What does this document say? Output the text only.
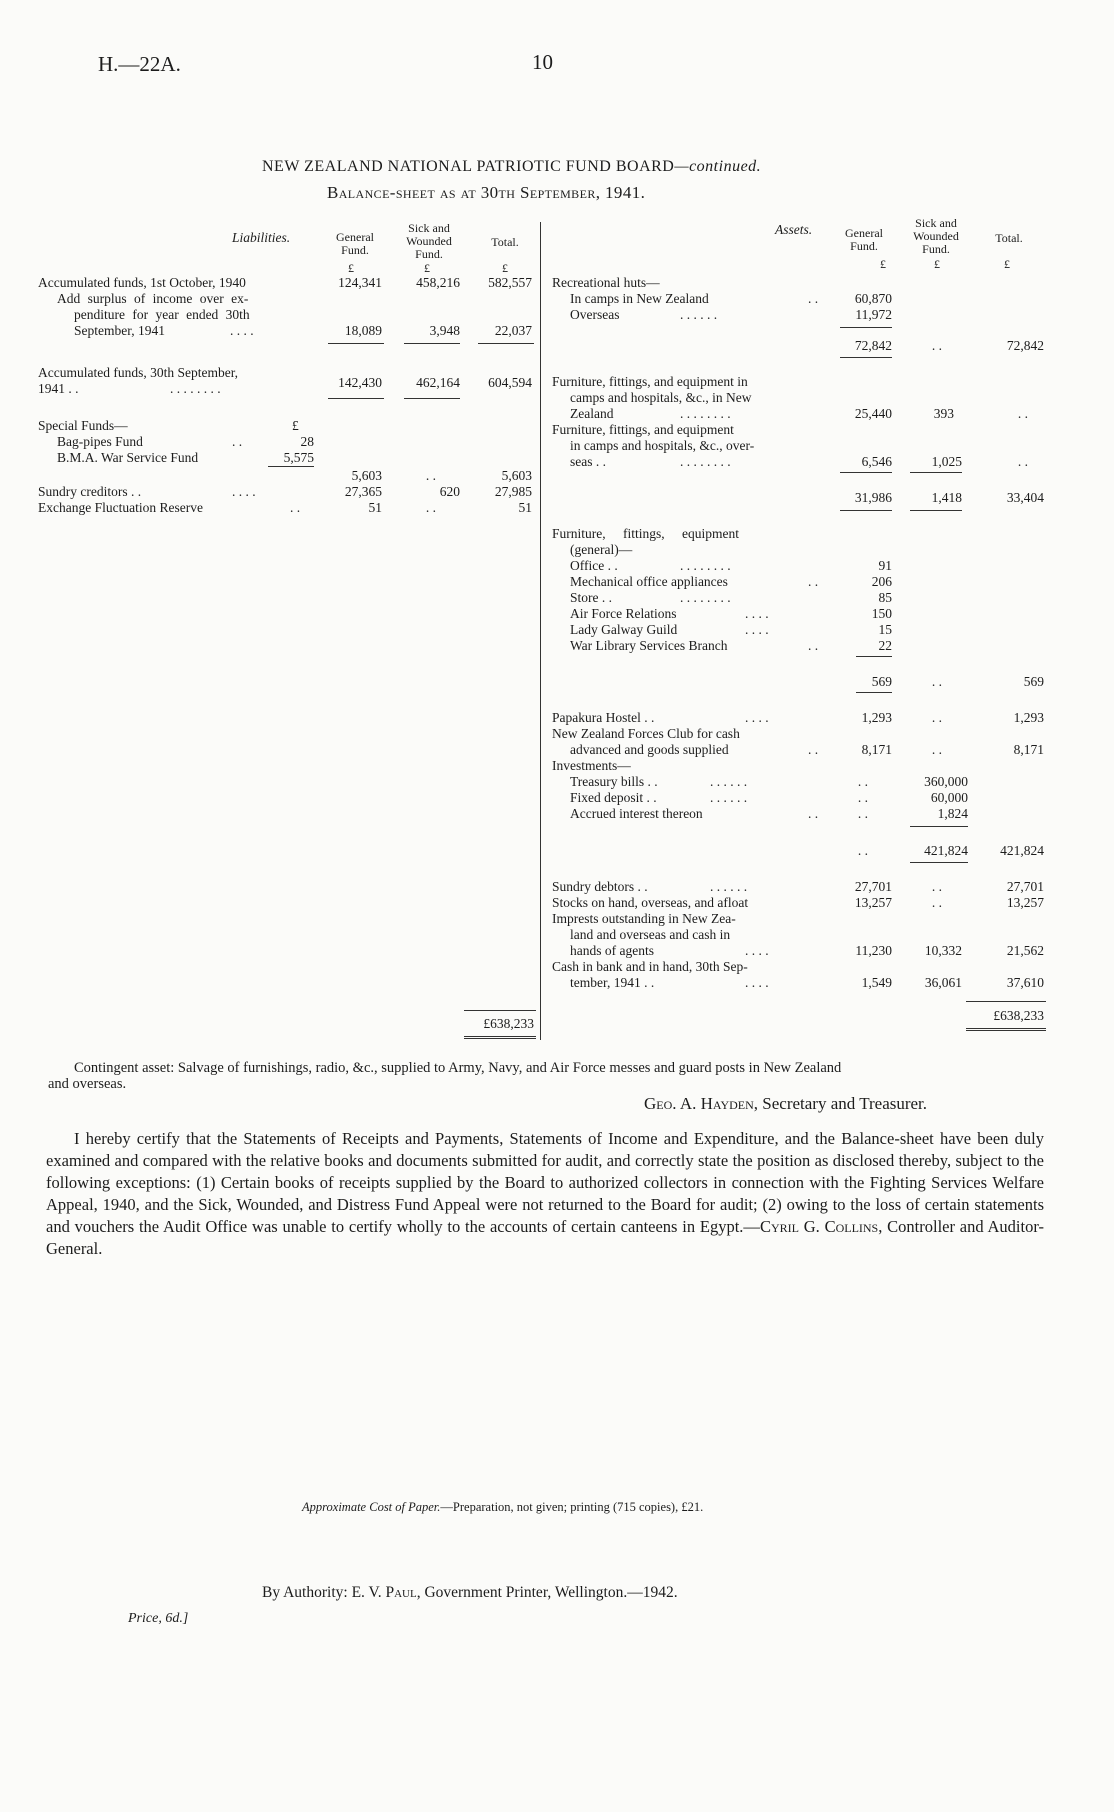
H.—22A.	10
NEW ZEALAND NATIONAL PATRIOTIC FUND BOARD—continued.
Balance-sheet as at 30th September, 1941.
Liabilities.	General
Fund.
Sick and
Wounded
Fund.
Total.
£	£	£
Accumulated funds, 1st October, 1940	124,341	458,216	582,557
Add surplus of income over ex-
penditure for year ended 30th
September, 1941	. . . .	18,089	3,948	22,037
Accumulated funds, 30th September,
1941 . .	. . . . . . . .	142,430	462,164	604,594
Special Funds—	£
Bag-pipes Fund	. .	28
B.M.A. War Service Fund	5,575
5,603	. .	5,603
Sundry creditors . .	. . . .	27,365	620	27,985
Exchange Fluctuation Reserve	. .	51	. .	51
£638,233
Assets.	General
Fund.
Sick and
Wounded
Fund.
Total.
£	£	£
Recreational huts—
In camps in New Zealand	. .	60,870
Overseas	. . . . . .	11,972
72,842	. .	72,842
Furniture, fittings, and equipment in
camps and hospitals, &c., in New
Zealand	. . . . . . . .	25,440	393	. .
Furniture, fittings, and equipment
in camps and hospitals, &c., over-
seas . .	. . . . . . . .	6,546	1,025	. .
31,986	1,418	33,404
Furniture, fittings, equipment
(general)—
Office . .	. . . . . . . .	91
Mechanical office appliances	. .	206
Store . .	. . . . . . . .	85
Air Force Relations	. . . .	150
Lady Galway Guild	. . . .	15
War Library Services Branch	. .	22
569	. .	569
Papakura Hostel . .	. . . .	1,293	. .	1,293
New Zealand Forces Club for cash
advanced and goods supplied	. .	8,171	. .	8,171
Investments—
Treasury bills . .	. . . . . .	. .	360,000
Fixed deposit . .	. . . . . .	. .	60,000
Accrued interest thereon	. .	. .	1,824
. .	421,824	421,824
Sundry debtors . .	. . . . . .	27,701	. .	27,701
Stocks on hand, overseas, and afloat	13,257	. .	13,257
Imprests outstanding in New Zea-
land and overseas and cash in
hands of agents	. . . .	11,230	10,332	21,562
Cash in bank and in hand, 30th Sep-
tember, 1941 . .	. . . .	1,549	36,061	37,610
£638,233
Contingent asset: Salvage of furnishings, radio, &c., supplied to Army, Navy, and Air Force messes and guard posts in New Zealand
and overseas.
Geo. A. Hayden, Secretary and Treasurer.
I hereby certify that the Statements of Receipts and Payments, Statements of Income and Expenditure, and the Balance-sheet have been duly examined and compared with the relative books and documents submitted for audit, and correctly state the position as disclosed thereby, subject to the following exceptions: (1) Certain books of receipts supplied by the Board to authorized collectors in connection with the Fighting Services Welfare Appeal, 1940, and the Sick, Wounded, and Distress Fund Appeal were not returned to the Board for audit; (2) owing to the loss of certain statements and vouchers the Audit Office was unable to certify wholly to the accounts of certain canteens in Egypt.—Cyril G. Collins, Controller and Auditor-General.
Approximate Cost of Paper.—Preparation, not given; printing (715 copies), £21.
By Authority: E. V. Paul, Government Printer, Wellington.—1942.
Price, 6d.]
